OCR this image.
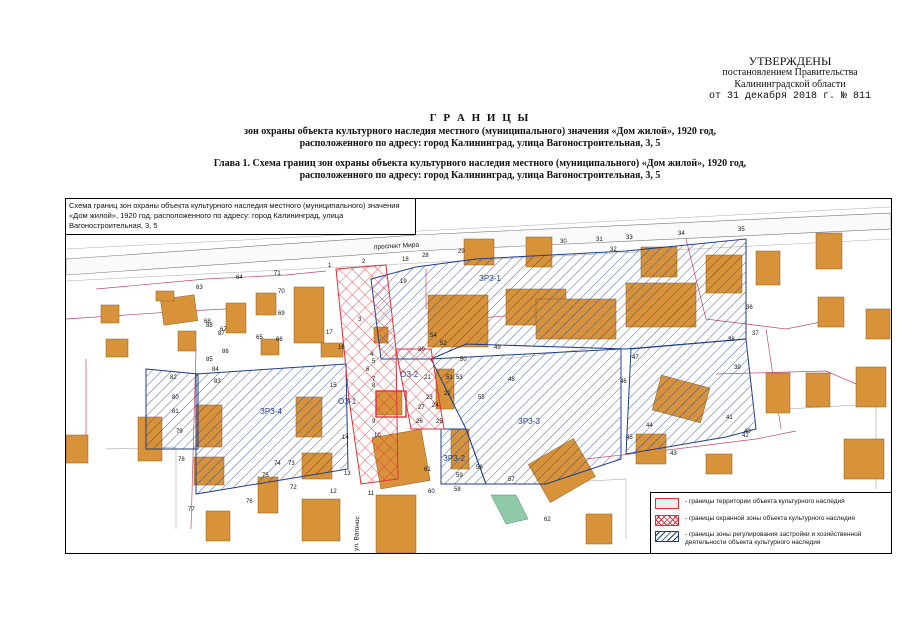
УТВЕРЖДЕНЫ
постановлением Правительства
Калининградской области
от 31 декабря 2018 г. № 811
Г Р А Н И Ц Ы
зон охраны объекта культурного наследия местного (муниципального) значения «Дом жилой», 1920 год,
расположенного по адресу: город Калининград, улица Вагоностроительная, 3, 5
Глава 1. Схема границ зон охраны объекта культурного наследия местного (муниципального) «Дом жилой», 1920 год,
расположенного по адресу: город Калининград, улица Вагоностроительная, 3, 5
ОЗ-1
ОЗ-2
ЗРЗ-1
ЗРЗ-2
ЗРЗ-3
ЗРЗ-4
проспект Мира
ул. Вагонос
1
2
3
4
5
6
7
8
9
10
11
12
13
14
15
16
17
18
19
20
21
22
23
24
25
26
27
28
29
30	31
32
33
34
35
36
37
38
39
40
41
42
43
44
45
46
47
48
49
50
51
52
53
54
55
56
57
58
59
60
61
62
63
64
65 66
67
68
69
70
71
72
73
74
75
76
77
78
79
80
81
82
83
84
85
86
87
88
Схема границ зон охраны объекта культурного наследия местного (муниципального) значения «Дом жилой», 1920 год, расположенного по адресу: город Калининград, улица Вагоностроительная, 3, 5
- границы территории объекта культурного наследия
- границы охранной зоны объекта культурного наследия
- границы зоны регулирования застройки и хозяйственной деятельности объекта культурного наследия
